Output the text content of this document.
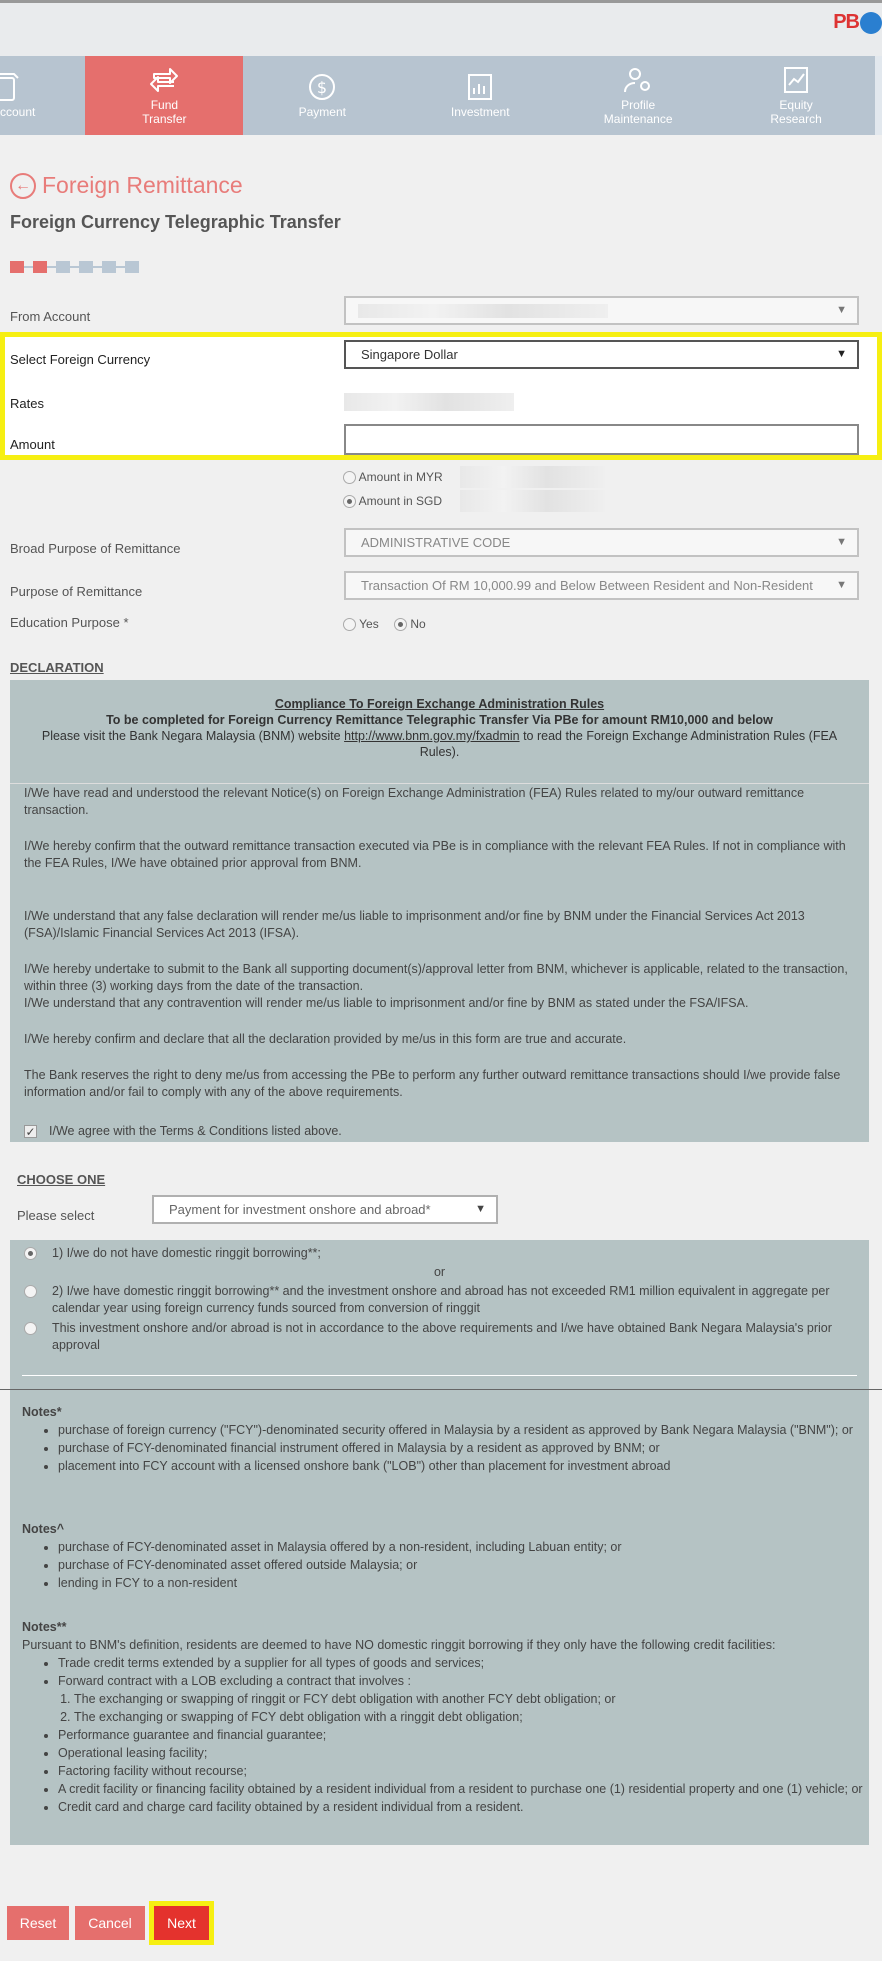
PB
ccount	Fund
Transfer
$
Payment	Investment	Profile
Maintenance
Equity
Research
← Foreign Remittance
Foreign Currency Telegraphic Transfer
From Account	▼
Select Foreign Currency	Singapore Dollar	▼
Rates
Amount
Amount in MYR
Amount in SGD
Broad Purpose of Remittance	ADMINISTRATIVE CODE	▼
Purpose of Remittance	Transaction Of RM 10,000.99 and Below Between Resident and Non-Resident	▼
Education Purpose *	Yes	No
DECLARATION
Compliance To Foreign Exchange Administration Rules
To be completed for Foreign Currency Remittance Telegraphic Transfer Via PBe for amount RM10,000 and below
Please visit the Bank Negara Malaysia (BNM) website http://www.bnm.gov.my/fxadmin to read the Foreign Exchange Administration Rules (FEA Rules).

I/We have read and understood the relevant Notice(s) on Foreign Exchange Administration (FEA) Rules related to my/our outward remittance transaction.

I/We hereby confirm that the outward remittance transaction executed via PBe is in compliance with the relevant FEA Rules. If not in compliance with the FEA Rules, I/We have obtained prior approval from BNM.

I/We understand that any false declaration will render me/us liable to imprisonment and/or fine by BNM under the Financial Services Act 2013 (FSA)/Islamic Financial Services Act 2013 (IFSA).

I/We hereby undertake to submit to the Bank all supporting document(s)/approval letter from BNM, whichever is applicable, related to the transaction, within three (3) working days from the date of the transaction.

I/We understand that any contravention will render me/us liable to imprisonment and/or fine by BNM as stated under the FSA/IFSA.

I/We hereby confirm and declare that all the declaration provided by me/us in this form are true and accurate.

The Bank reserves the right to deny me/us from accessing the PBe to perform any further outward remittance transactions should I/we provide false information and/or fail to comply with any of the above requirements.

✓ I/We agree with the Terms & Conditions listed above.

CHOOSE ONE
Please select	Payment for investment onshore and abroad*	▼
1) I/we do not have domestic ringgit borrowing**;
or
2) I/we have domestic ringgit borrowing** and the investment onshore and abroad has not exceeded RM1 million equivalent in aggregate per calendar year using foreign currency funds sourced from conversion of ringgit
This investment onshore and/or abroad is not in accordance to the above requirements and I/we have obtained Bank Negara Malaysia's prior approval
Notes*
• purchase of foreign currency ("FCY")-denominated security offered in Malaysia by a resident as approved by Bank Negara Malaysia ("BNM"); or
• purchase of FCY-denominated financial instrument offered in Malaysia by a resident as approved by BNM; or
• placement into FCY account with a licensed onshore bank ("LOB") other than placement for investment abroad
Notes^
• purchase of FCY-denominated asset in Malaysia offered by a non-resident, including Labuan entity; or
• purchase of FCY-denominated asset offered outside Malaysia; or
• lending in FCY to a non-resident
Notes**
Pursuant to BNM's definition, residents are deemed to have NO domestic ringgit borrowing if they only have the following credit facilities:
• Trade credit terms extended by a supplier for all types of goods and services;
• Forward contract with a LOB excluding a contract that involves :
1. The exchanging or swapping of ringgit or FCY debt obligation with another FCY debt obligation; or
2. The exchanging or swapping of FCY debt obligation with a ringgit debt obligation;
• Performance guarantee and financial guarantee;
• Operational leasing facility;
• Factoring facility without recourse;
• A credit facility or financing facility obtained by a resident individual from a resident to purchase one (1) residential property and one (1) vehicle; or
• Credit card and charge card facility obtained by a resident individual from a resident.
Reset	Cancel	Next
